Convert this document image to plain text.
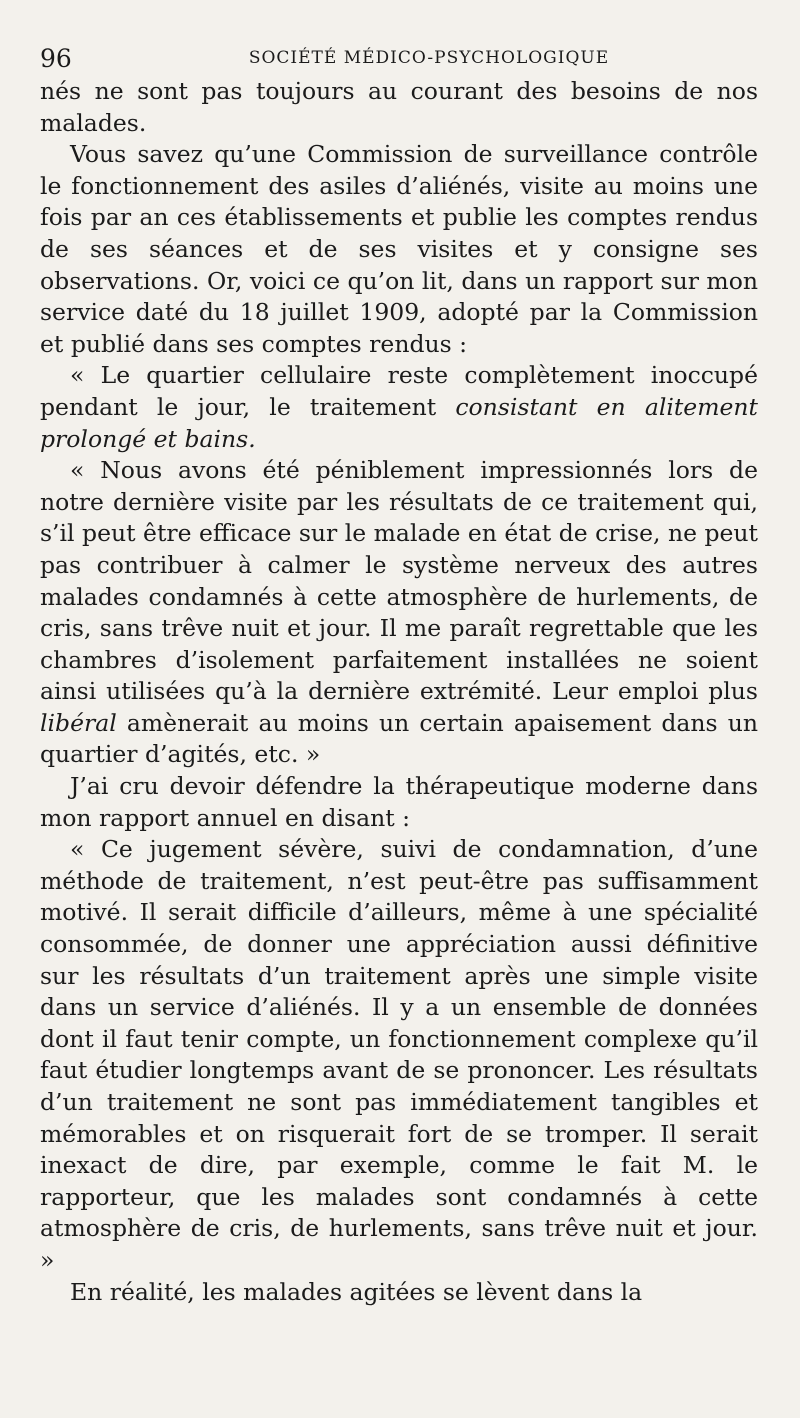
96	SOCIÉTÉ MÉDICO-PSYCHOLOGIQUE

nés ne sont pas toujours au courant des besoins de nos malades.

Vous savez qu’une Commission de surveillance contrôle le fonctionnement des asiles d’aliénés, visite au moins une fois par an ces établissements et publie les comptes rendus de ses séances et de ses visites et y consigne ses observations. Or, voici ce qu’on lit, dans un rapport sur mon service daté du 18 juillet 1909, adopté par la Commission et publié dans ses comptes rendus :

« Le quartier cellulaire reste complètement inoccupé pendant le jour, le traitement consistant en alitement prolongé et bains.

« Nous avons été péniblement impressionnés lors de notre dernière visite par les résultats de ce traitement qui, s’il peut être efficace sur le malade en état de crise, ne peut pas contribuer à calmer le système nerveux des autres malades condamnés à cette atmosphère de hurlements, de cris, sans trêve nuit et jour. Il me paraît regrettable que les chambres d’isolement parfaitement installées ne soient ainsi utilisées qu’à la dernière extrémité. Leur emploi plus libéral amènerait au moins un certain apaisement dans un quartier d’agités, etc. »

J’ai cru devoir défendre la thérapeutique moderne dans mon rapport annuel en disant :

« Ce jugement sévère, suivi de condamnation, d’une méthode de traitement, n’est peut-être pas suffisamment motivé. Il serait difficile d’ailleurs, même à une spécialité consommée, de donner une appréciation aussi définitive sur les résultats d’un traitement après une simple visite dans un service d’aliénés. Il y a un ensemble de données dont il faut tenir compte, un fonctionnement complexe qu’il faut étudier longtemps avant de se prononcer. Les résultats d’un traitement ne sont pas immédiatement tangibles et mémorables et on risquerait fort de se tromper. Il serait inexact de dire, par exemple, comme le fait M. le rapporteur, que les malades sont condamnés à cette atmosphère de cris, de hurlements, sans trêve nuit et jour. »

En réalité, les malades agitées se lèvent dans la
